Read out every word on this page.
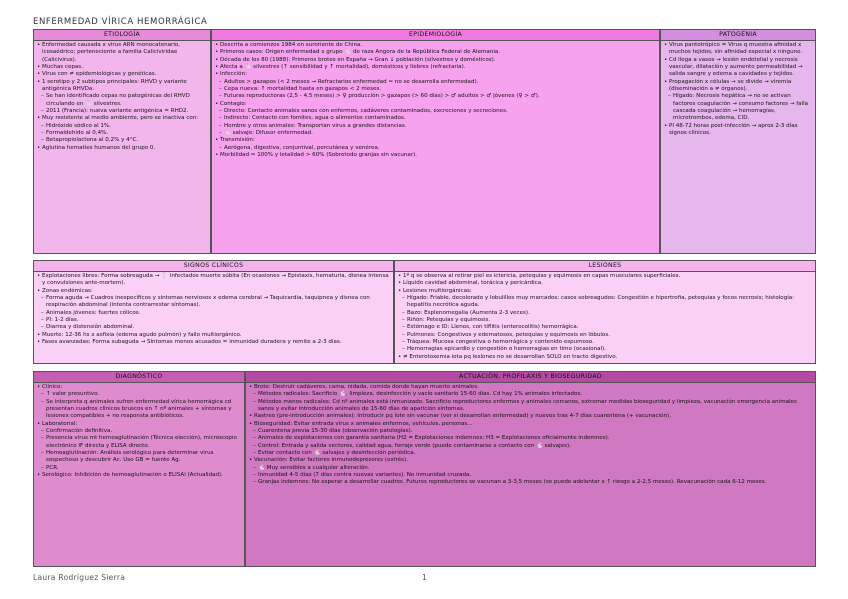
ENFERMEDAD VÍRICA HEMORRÁGICA
ETIOLOGÍA
• Enfermedad causada x virus ARN monocatenario, icosaédrico; perteneciente a familia Caliciviridae (Calicivirus).
• Muchas cepas.
• Virus con ≠ epidemiológicas y genéticas.
• 1 serotipo y 2 subtipos principales: RHVD y variante antigénica RHVDa.
– Se han identificado cepas no patogénicas del RHVD circulando en 🐇 silvestres.
– 2011 (Francia): nueva variante antigénica = RHD2.
• Muy resistente al medio ambiente, pero se inactiva con:
– Hidróxido sódico al 1%.
– Formaldehido al 0,4%.
– Betapropiolactona al 0,2% y 4°C.
• Aglutina hematíes humanos del grupo 0.
EPIDEMIOLOGÍA
• Descrita a comienzos 1984 en suroriente de China.
• Primeros casos: Origen enfermedad x grupo 🐇 de raza Angora de la República Federal de Alemania.
• Década de los 80 (1988): Primeros brotes en España → Gran ↓ población (silvestres y domésticos).
• Afecta a 🐇 silvestres (↑ sensibilidad y ↑ mortalidad), domésticos y liebres (refractaria).
• Infección:
– Adultos > gazapos (< 2 meses → Refractarios enfermedad ≈ no se desarrolla enfermedad).
– Cepa nueva: ↑ mortalidad hasta en gazapos < 2 meses.
– Futuras reproductoras (2,5 - 4,5 meses) > ♀ producción > gazapos (> 60 días) > ♂ adultos > ♂ jóvenes (♀ > ♂).
• Contagio:
– Directo: Contacto animales sanos con enfermos, cadáveres contaminados, excreciones y secreciones.
– Indirecto: Contacto con fomites, agua o alimentos contaminados.
– Hombre y otros animales: Transportan virus a grandes distancias.
– 🐇 salvaje: Difusor enfermedad.
• Transmisión:
– Aerógena, digestiva, conjuntival, percutánea y venérea.
• Morbilidad ≈ 100% y letalidad > 60% (Sobretodo granjas sin vacunar).
PATOGENIA
• Virus pantotrópico = Virus q muestra afinidad x muchos tejidos, sin afinidad especial x ninguno.
• Cd llega a vasos → lesión endotelial y necrosis vascular, dilatación y aumento permeabilidad → salida sangre y edema a cavidades y tejidos.
• Propagación x células → se divide → viremia (diseminación a ≠ órganos).
– Hígado: Necrosis hepática → no se activan factores coagulación → consumo factores → falla cascada coagulación → hemorragias, microtrombos, edema, CID.
• PI 48-72 horas post-infección → aprox 2-3 días signos clínicos.
SIGNOS CLÍNICOS
• Explotaciones libres: Forma sobreaguda → 🐇 infectados muerte súbita (En ocasiones → Epistaxis, hematuria, disnea intensa y convulsiones ante-mortem).
• Zonas endémicas:
– Forma aguda → Cuadros inespecíficos y síntomas nerviosos x edema cerebral → Taquicardia, taquipnea y disnea con respiración abdominal (intenta contrarrestar síntomas).
– Animales jóvenes: fuertes cólicos.
– PI: 1-2 días.
– Diarrea y distensión abdominal.
• Muerte: 12-36 hs x asfixia (edema agudo pulmón) y fallo multiorgánico.
• Fases avanzadas: Forma subaguda → Síntomas menos acusados = inmunidad duradera y remite a 2-3 días.
LESIONES
• 1º q se observa al retirar piel es ictericia, petequias y equimosis en capas musculares superficiales.
• Líquido cavidad abdominal, torácica y pericárdica.
• Lesiones multiorgánicas:
– Hígado: Friable, decolorado y lobulillos muy marcados; casos sobreagudos: Congestión e hipertrofia, petequias y focos necrosis; histología: hepatitis necrótica aguda.
– Bazo: Esplenomegalia (Aumenta 2-3 veces).
– Riñón: Petequias y equimosis.
– Estómago e ID: Llenos, con tiflitis (enterocolitis) hemorrágica.
– Pulmones: Congestivos y edematosos, petequias y equimosis en lóbulos.
– Tráquea: Mucosa congestiva o hemorrágica y contenido espumoso.
– Hemorragias epicardio y congestión o hemorragias en timo (ocasional).
• ≠ Enterotoxemia iota pq lesiones no se desarrollan SOLO en tracto digestivo.
DIAGNÓSTICO
• Clínico:
– ↑ valor presuntivo.
– Se interpreta q animales sufren enfermedad vírica hemorrágica cd presentan cuadros clínicos bruscos en ↑ nº animales + síntomas y lesiones compatibles + no responsta antibióticos.
• Laboratorial:
– Confirmación definitiva.
– Presencia virus mt hemoaglutinación (Técnica elección), microscopio electrónico IF directa y ELISA directo.
– Hemoaglutinación: Análisis serológico para determinar virus sospechoso y descubrir Ac. Uso GB = fuente Ag.
– PCR.
• Serológico: Inhibición de hemoaglutinación o ELISAi (Actualidad).
ACTUACIÓN, PROFILAXIS Y BIOSEGURIDAD
• Brote: Destruir cadáveres, cama, nidada, comida donde hayan muerto animales.
– Métodos radicales: Sacrificio 🐇, limpieza, desinfección y vacío sanitario 15-60 días. Cd hay 1% animales infectados.
– Métodos menos radicales: Cd nº animales está inmunizado. Sacrificio reproductores enfermos y animales cercanos, extremar medidas bioseguridad y limpieza, vacunación emergencia animales sanos y evitar introducción animales de 15-60 días de aparición síntomas.
• Rastreo (pre-introducción animales): Introducir pq lote sin vacunar (ver si desarrollan enfermedad) y nuevos tras 4-7 días cuarentena (+ vacunación).
• Bioseguridad: Evitar entrada virus x animales enfermos, vehículos, personas...
– Cuarentena previa 15-30 días (observación patologías).
– Animales de explotaciones con garantía sanitaria (H2 = Explotaciones indemnes; H3 = Explotaciones oficialmente indemnes).
– Control: Entrada y salida vectores, calidad agua, forraje verde (puede contaminarse x contacto con 🐇 salvajes).
– Evitar contacto con 🐇 salvajes y desinfección periódica.
• Vacunación: Evitar factores inmunodepresores (estrés).
– 🐇 Muy sensibles a cualquier alteración.
– Inmunidad 4-5 días (7 días contra nuevas variantes). No inmunidad cruzada.
– Granjas indemnes: No esperar a desarrollar cuadros. Futuros reproductores se vacunan a 3-3,5 meses (se puede adelantar x ↑ riesgo a 2-2,5 meses). Revacunación cada 6-12 meses.
Laura Rodríguez Sierra	1
